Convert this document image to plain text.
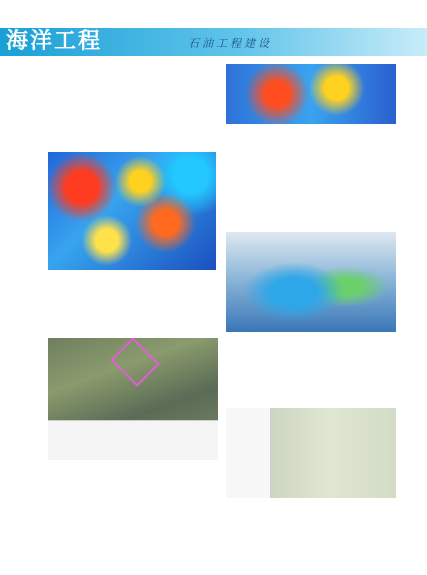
海洋工程	石油工程建设
